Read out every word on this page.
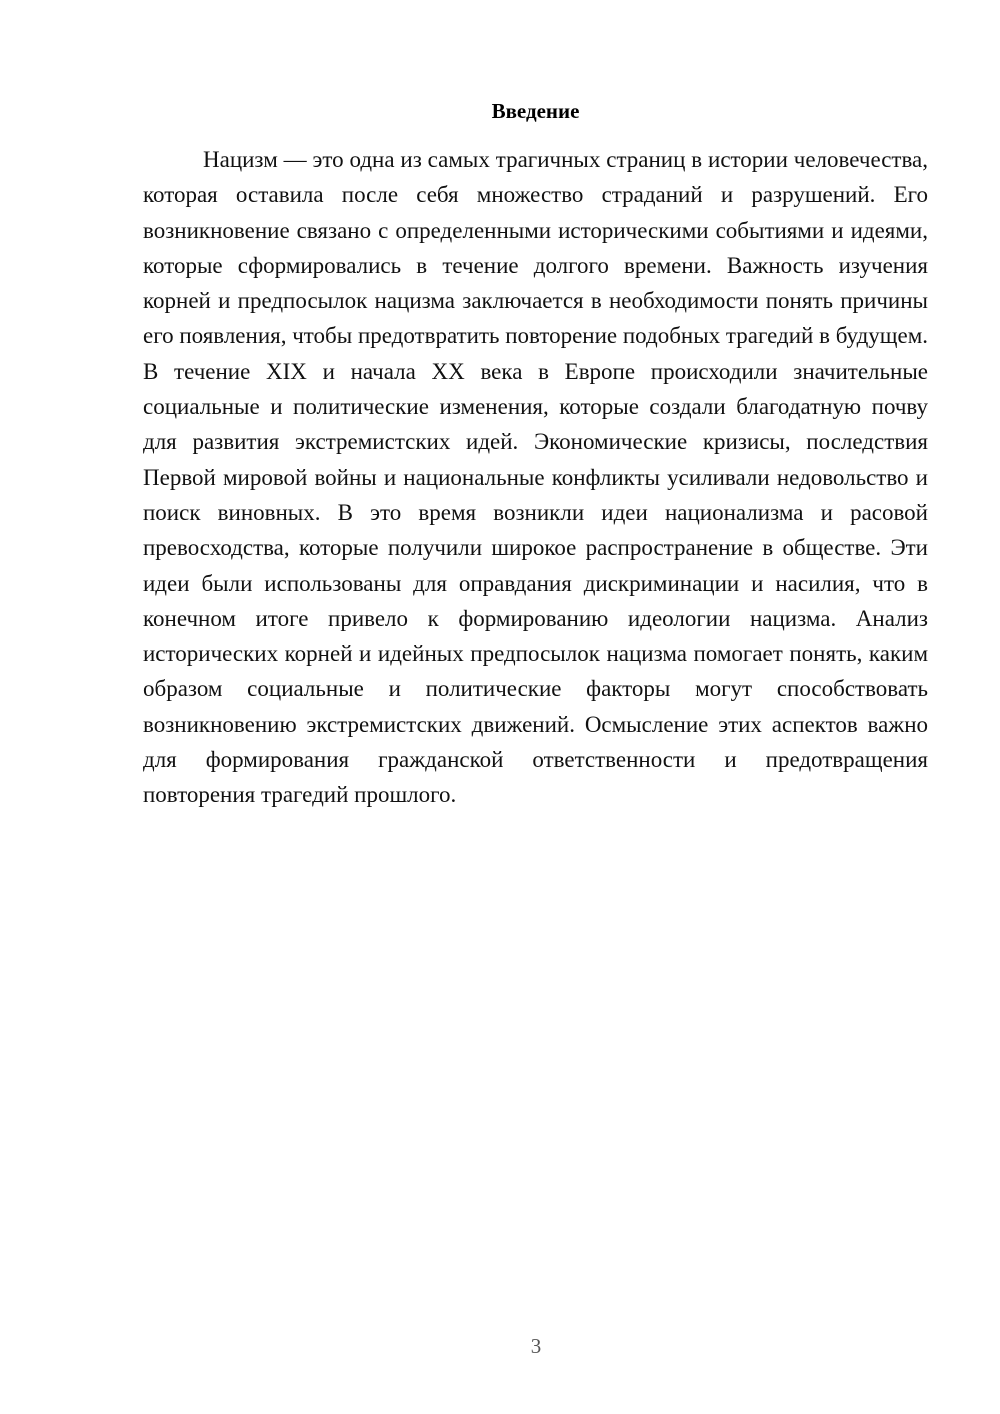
Введение

Нацизм — это одна из самых трагичных страниц в истории человечества, которая оставила после себя множество страданий и разрушений. Его возникновение связано с определенными историческими событиями и идеями, которые сформировались в течение долгого времени. Важность изучения корней и предпосылок нацизма заключается в необходимости понять причины его появления, чтобы предотвратить повторение подобных трагедий в будущем. В течение XIX и начала XX века в Европе происходили значительные социальные и политические изменения, которые создали благодатную почву для развития экстремистских идей. Экономические кризисы, последствия Первой мировой войны и национальные конфликты усиливали недовольство и поиск виновных. В это время возникли идеи национализма и расовой превосходства, которые получили широкое распространение в обществе. Эти идеи были использованы для оправдания дискриминации и насилия, что в конечном итоге привело к формированию идеологии нацизма. Анализ исторических корней и идейных предпосылок нацизма помогает понять, каким образом социальные и политические факторы могут способствовать возникновению экстремистских движений. Осмысление этих аспектов важно для формирования гражданской ответственности и предотвращения повторения трагедий прошлого.

3
